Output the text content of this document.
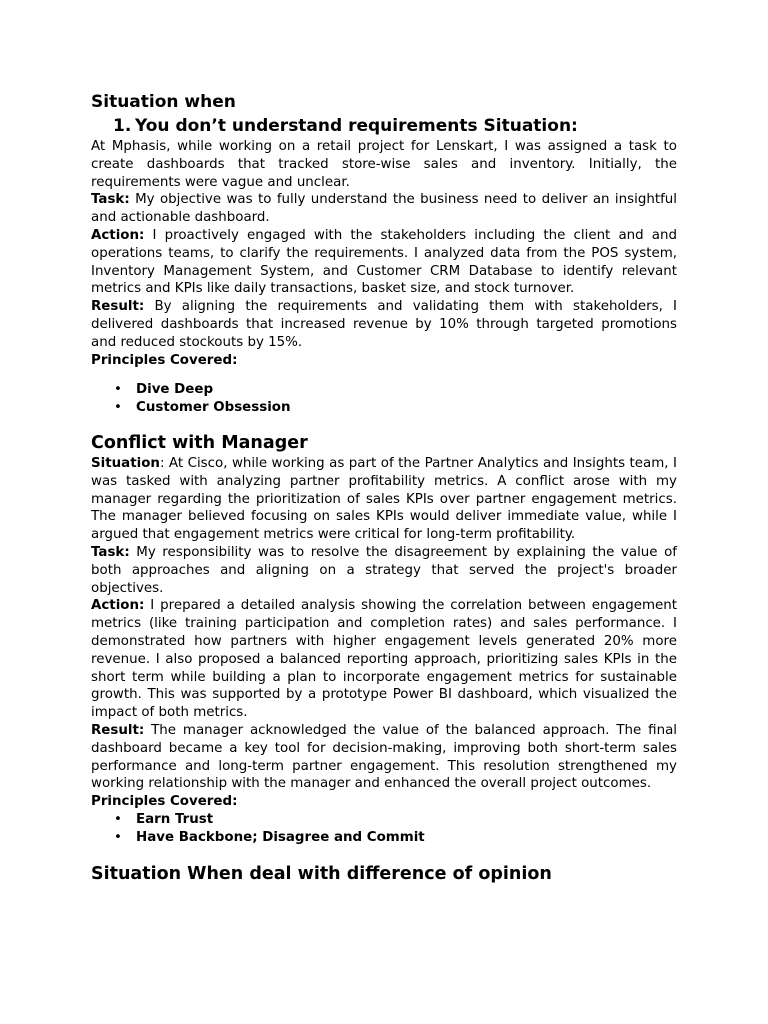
Situation when
1. You don’t understand requirements Situation:

At Mphasis, while working on a retail project for Lenskart, I was assigned a task to create dashboards that tracked store-wise sales and inventory. Initially, the requirements were vague and unclear.

Task: My objective was to fully understand the business need to deliver an insightful and actionable dashboard.

Action: I proactively engaged with the stakeholders including the client and and operations teams, to clarify the requirements. I analyzed data from the POS system, Inventory Management System, and Customer CRM Database to identify relevant metrics and KPIs like daily transactions, basket size, and stock turnover.

Result: By aligning the requirements and validating them with stakeholders, I delivered dashboards that increased revenue by 10% through targeted promotions and reduced stockouts by 15%.

Principles Covered:

• Dive Deep
• Customer Obsession
Conflict with Manager

Situation: At Cisco, while working as part of the Partner Analytics and Insights team, I was tasked with analyzing partner profitability metrics. A conflict arose with my manager regarding the prioritization of sales KPIs over partner engagement metrics. The manager believed focusing on sales KPIs would deliver immediate value, while I argued that engagement metrics were critical for long-term profitability.

Task: My responsibility was to resolve the disagreement by explaining the value of both approaches and aligning on a strategy that served the project's broader objectives.

Action: I prepared a detailed analysis showing the correlation between engagement metrics (like training participation and completion rates) and sales performance. I demonstrated how partners with higher engagement levels generated 20% more revenue. I also proposed a balanced reporting approach, prioritizing sales KPIs in the short term while building a plan to incorporate engagement metrics for sustainable growth. This was supported by a prototype Power BI dashboard, which visualized the impact of both metrics.

Result: The manager acknowledged the value of the balanced approach. The final dashboard became a key tool for decision-making, improving both short-term sales performance and long-term partner engagement. This resolution strengthened my working relationship with the manager and enhanced the overall project outcomes.

Principles Covered:

• Earn Trust
• Have Backbone; Disagree and Commit
Situation When deal with difference of opinion
